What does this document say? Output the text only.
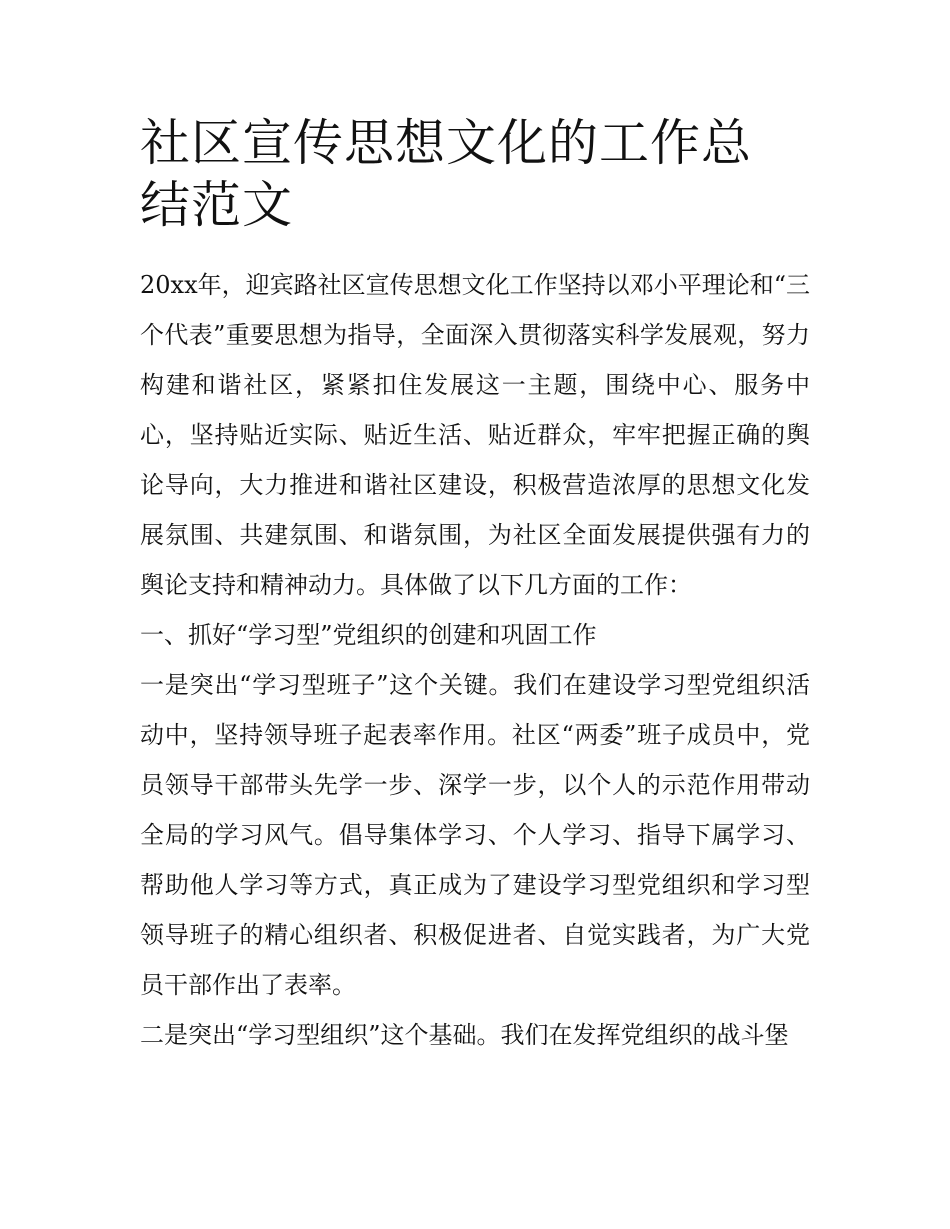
社区宣传思想文化的工作总结范文

20xx年，迎宾路社区宣传思想文化工作坚持以邓小平理论和“三个代表”重要思想为指导，全面深入贯彻落实科学发展观，努力构建和谐社区，紧紧扣住发展这一主题，围绕中心、服务中心，坚持贴近实际、贴近生活、贴近群众，牢牢把握正确的舆论导向，大力推进和谐社区建设，积极营造浓厚的思想文化发展氛围、共建氛围、和谐氛围，为社区全面发展提供强有力的舆论支持和精神动力。具体做了以下几方面的工作：

一、抓好“学习型”党组织的创建和巩固工作

一是突出“学习型班子”这个关键。我们在建设学习型党组织活动中，坚持领导班子起表率作用。社区“两委”班子成员中，党员领导干部带头先学一步、深学一步，以个人的示范作用带动全局的学习风气。倡导集体学习、个人学习、指导下属学习、帮助他人学习等方式，真正成为了建设学习型党组织和学习型领导班子的精心组织者、积极促进者、自觉实践者，为广大党员干部作出了表率。

二是突出“学习型组织”这个基础。我们在发挥党组织的战斗堡
